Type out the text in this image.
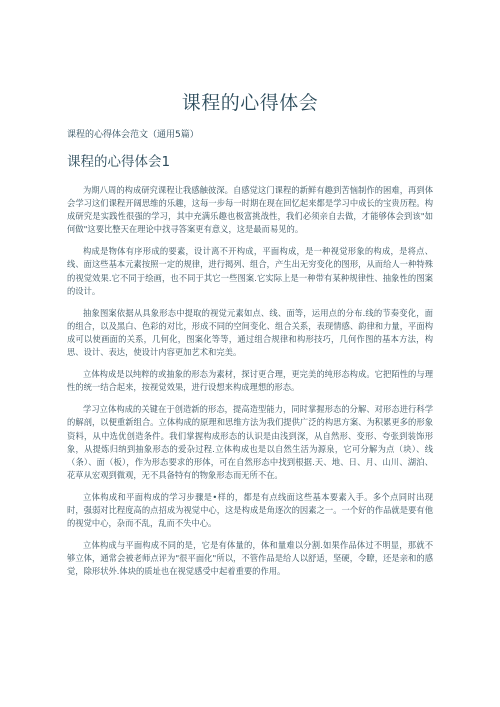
课程的心得体会
课程的心得体会范文（通用5篇）
课程的心得体会1

为期八周的构成研究课程让我感触彼深。自感觉这门课程的新鲜有趣到苦恼制作的困难，再到体会学习这们课程开阔思维的乐趣，这每一步每一时期在现在回忆起来都是学习中成长的宝贵历程。构成研究是实践性很强的学习，其中充满乐趣也极富挑战性，我们必须亲自去做，才能够体会到该"如何做"这要比整天在理论中找寻答案更有意义，这是最而易见的。

构成是物体有序形成的要素，设计离不开构成，平面构成，是一种视觉形象的构成，是将点、线、面这些基本元素按照一定的规律，进行揭列、组合，产生出无穷变化的图形，从而给人一种特殊的视觉效果.它不同于绘画，也不同于其它一些图案.它实际上是一种带有某种规律性、抽象性的图案的设计。

抽象图案依据从具象形态中提取的视觉元素如点、线、面等，运用点的分布.线的节奏变化，面的组合，以及黑白、色彩的对比，形成不同的空间变化、组合关系，表现情感、韵律和力量，平面构成可以使画面的关系，几何化，图案化等等，通过组合规律和构形技巧，几何作图的基本方法，构思、设计、表达，使设计内容更加艺术和完美。

立体构成是以纯粹的或抽象的形态为素材，探讨更合理，更完美的纯形态构成。它把陌性的与理性的统一结合起来，按视觉效果，进行设想来构成理想的形态。

学习立体构成的关键在于创造新的形态，提高造型能力，同时掌握形态的分解、对形态进行科学的解剖，以便重新组合。立体构成的原理和思维方法为我们提供广泛的构思方案、为积累更多的形象资料，从中选优创造条件。我们掌握构成形态的认识是由浅到深，从自然形、变形、夸张到装饰形象，从提炼归纳到抽象形态的爱杂过程.立体构成也是以自然生活为源泉，它可分解为点（块）、线（条）、面（板），作为形态要求的形体，可在自然形态中找到根据.天、地、日、月、山川、湖泊、花草从宏观到微观，无不具备特有的物象形态而无所不在。

立体构成和平面构成的学习步骤是•样的，都是有点线面这些基本要素入手。多个点同时出现时，强弱对比程度高的点招成为视觉中心，这是构成是角逐次的因素之一。一个好的作品就是要有他的视觉中心，杂而不乱，乱而不失中心。

立体构成与平面构成不同的是，它是有体量的，体和量难以分割.如果作品体过不明显，那就不够立体，通常会被老师点评为"很平面化"所以，不管作品是给人以舒适，坚硬，令瞭，还是亲和的感觉，除形状外.体块的质址也在视觉感受中起着重要的作用。
